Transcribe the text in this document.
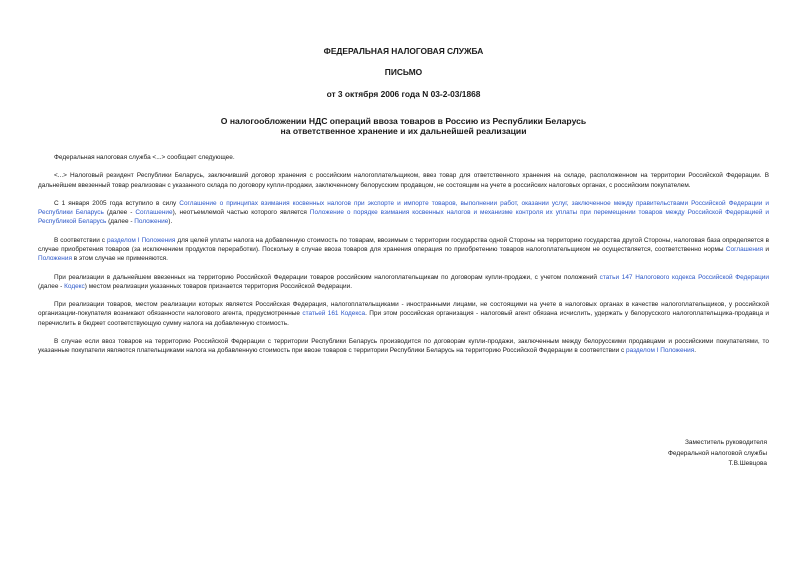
ФЕДЕРАЛЬНАЯ НАЛОГОВАЯ СЛУЖБА
ПИСЬМО
от 3 октября 2006 года N 03-2-03/1868
О налогообложении НДС операций ввоза товаров в Россию из Республики Беларусь
на ответственное хранение и их дальнейшей реализации

Федеральная налоговая служба <...> сообщает следующее.

<...> Налоговый резидент Республики Беларусь, заключивший договор хранения с российским налогоплательщиком, ввез товар для ответственного хранения на складе, расположенном на территории Российской Федерации. В дальнейшем ввезенный товар реализован с указанного склада по договору купли-продажи, заключенному белорусским продавцом, не состоящим на учете в российских налоговых органах, с российским покупателем.

С 1 января 2005 года вступило в силу Соглашение о принципах взимания косвенных налогов при экспорте и импорте товаров, выполнении работ, оказании услуг, заключенное между правительствами Российской Федерации и Республики Беларусь (далее - Соглашение), неотъемлемой частью которого является Положение о порядке взимания косвенных налогов и механизме контроля их уплаты при перемещении товаров между Российской Федерацией и Республикой Беларусь (далее - Положение).

В соответствии с разделом I Положения для целей уплаты налога на добавленную стоимость по товарам, ввозимым с территории государства одной Стороны на территорию государства другой Стороны, налоговая база определяется в случае приобретения товаров (за исключением продуктов переработки). Поскольку в случае ввоза товаров для хранения операция по приобретению товаров налогоплательщиком не осуществляется, соответственно нормы Соглашения и Положения в этом случае не применяются.

При реализации в дальнейшем ввезенных на территорию Российской Федерации товаров российским налогоплательщикам по договорам купли-продажи, с учетом положений статьи 147 Налогового кодекса Российской Федерации (далее - Кодекс) местом реализации указанных товаров признается территория Российской Федерации.

При реализации товаров, местом реализации которых является Российская Федерация, налогоплательщиками - иностранными лицами, не состоящими на учете в налоговых органах в качестве налогоплательщиков, у российской организации-покупателя возникают обязанности налогового агента, предусмотренные статьей 161 Кодекса. При этом российская организация - налоговый агент обязана исчислить, удержать у белорусского налогоплательщика-продавца и перечислить в бюджет соответствующую сумму налога на добавленную стоимость.

В случае если ввоз товаров на территорию Российской Федерации с территории Республики Беларусь производится по договорам купли-продажи, заключенным между белорусскими продавцами и российскими покупателями, то указанные покупатели являются плательщиками налога на добавленную стоимость при ввозе товаров с территории Республики Беларусь на территорию Российской Федерации в соответствии с разделом I Положения.

Заместитель руководителя
Федеральной налоговой службы
Т.В.Шевцова
